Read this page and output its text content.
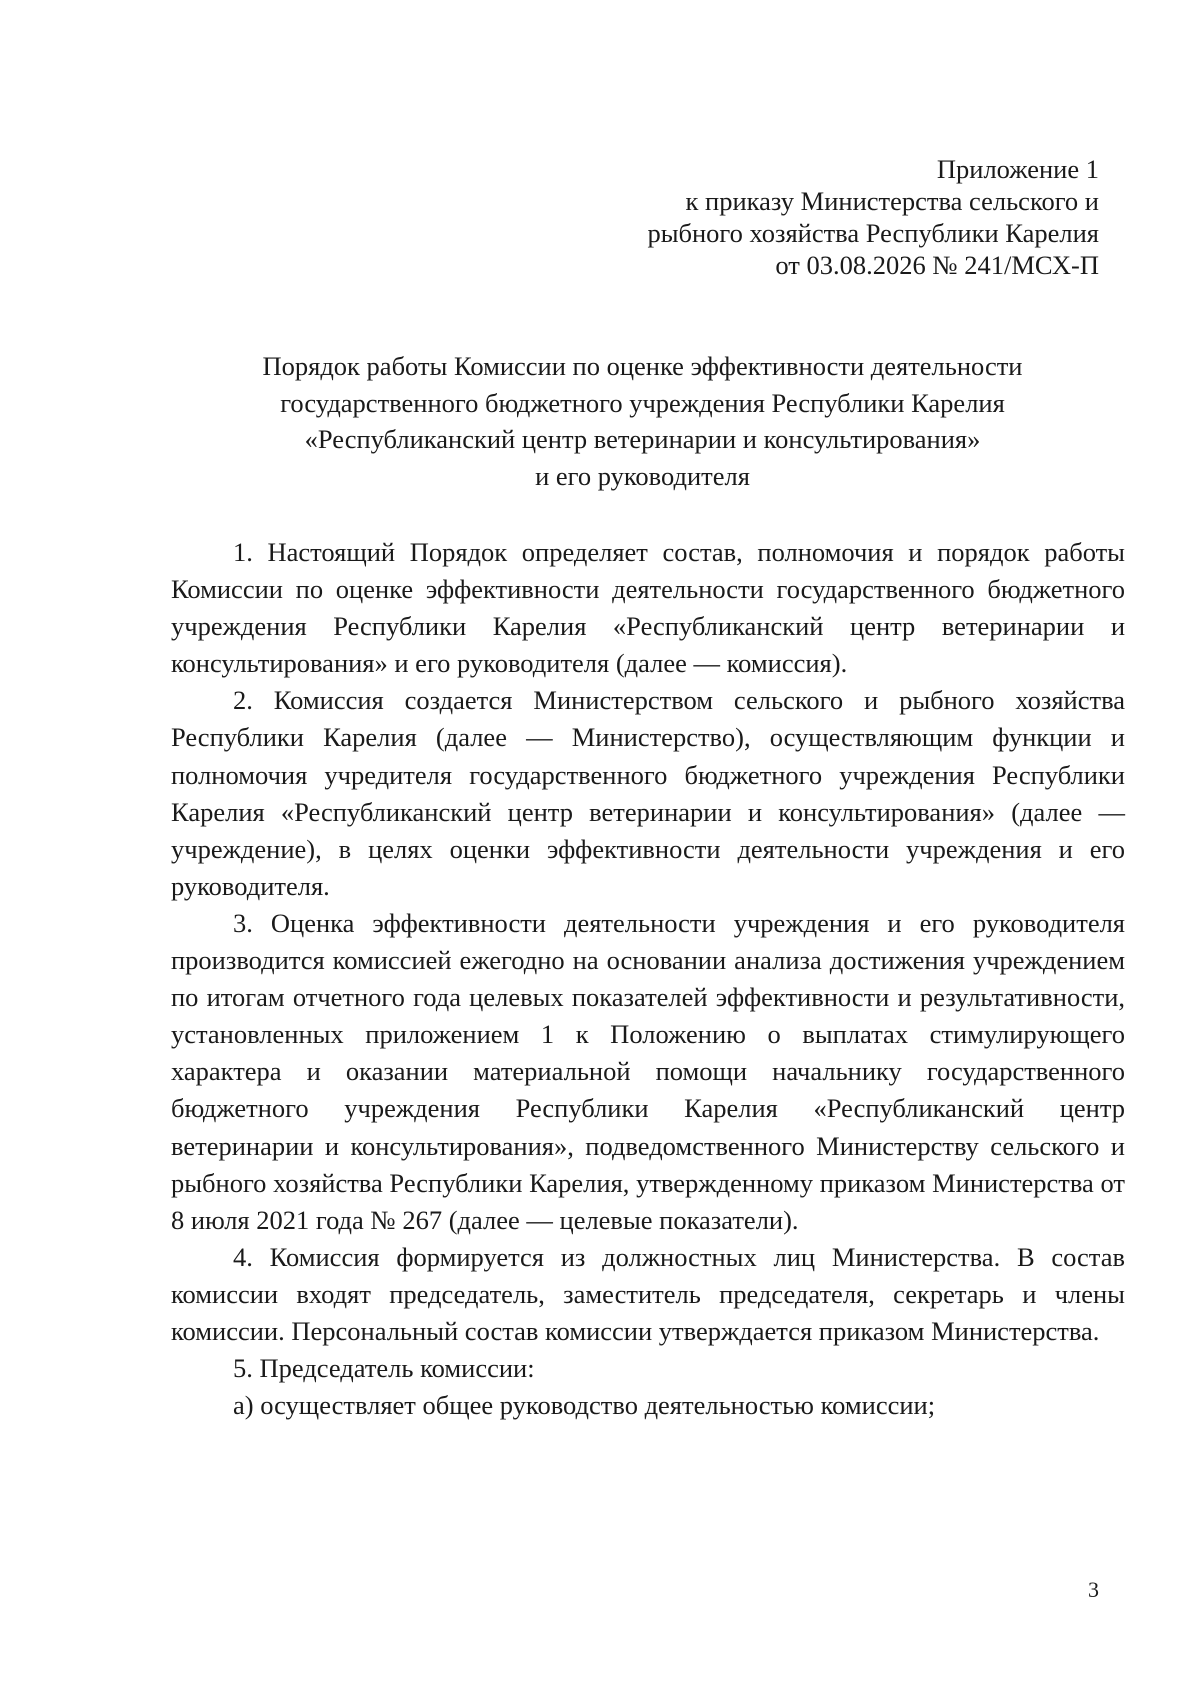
Приложение 1
к приказу Министерства сельского и
рыбного хозяйства Республики Карелия
от 03.08.2026 № 241/МСХ-П
Порядок работы Комиссии по оценке эффективности деятельности
государственного бюджетного учреждения Республики Карелия
«Республиканский центр ветеринарии и консультирования»
и его руководителя

1. Настоящий Порядок определяет состав, полномочия и порядок работы Комиссии по оценке эффективности деятельности государственного бюджетного учреждения Республики Карелия «Республиканский центр ветеринарии и консультирования» и его руководителя (далее — комиссия).

2. Комиссия создается Министерством сельского и рыбного хозяйства Республики Карелия (далее — Министерство), осуществляющим функции и полномочия учредителя государственного бюджетного учреждения Республики Карелия «Республиканский центр ветеринарии и консультирования» (далее — учреждение), в целях оценки эффективности деятельности учреждения и его руководителя.

3. Оценка эффективности деятельности учреждения и его руководителя производится комиссией ежегодно на основании анализа достижения учреждением по итогам отчетного года целевых показателей эффективности и результативности, установленных приложением 1 к Положению о выплатах стимулирующего характера и оказании материальной помощи начальнику государственного бюджетного учреждения Республики Карелия «Республиканский центр ветеринарии и консультирования», подведомственного Министерству сельского и рыбного хозяйства Республики Карелия, утвержденному приказом Министерства от 8 июля 2021 года № 267 (далее — целевые показатели).

4. Комиссия формируется из должностных лиц Министерства. В состав комиссии входят председатель, заместитель председателя, секретарь и члены комиссии. Персональный состав комиссии утверждается приказом Министерства.

5. Председатель комиссии:

а) осуществляет общее руководство деятельностью комиссии;

3
